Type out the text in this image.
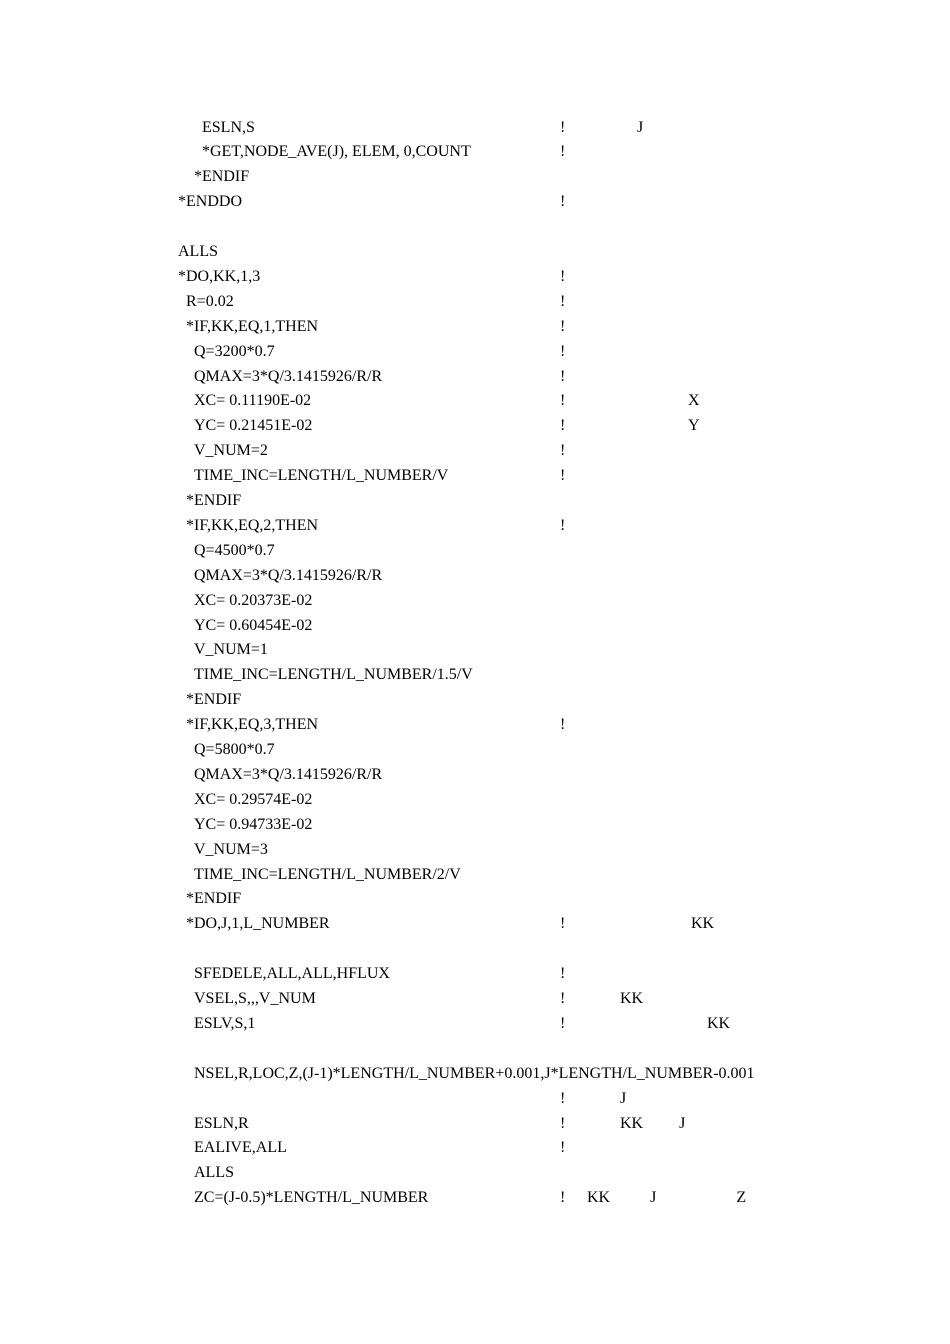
ESLN,S	!	J
*GET,NODE_AVE(J), ELEM, 0,COUNT	!
*ENDIF
*ENDDO	!
ALLS
*DO,KK,1,3	!
R=0.02	!
*IF,KK,EQ,1,THEN	!
Q=3200*0.7	!
QMAX=3*Q/3.1415926/R/R	!
XC= 0.11190E-02	!	X
YC= 0.21451E-02	!	Y
V_NUM=2	!
TIME_INC=LENGTH/L_NUMBER/V	!
*ENDIF
*IF,KK,EQ,2,THEN	!
Q=4500*0.7
QMAX=3*Q/3.1415926/R/R
XC= 0.20373E-02
YC= 0.60454E-02
V_NUM=1
TIME_INC=LENGTH/L_NUMBER/1.5/V
*ENDIF
*IF,KK,EQ,3,THEN	!
Q=5800*0.7
QMAX=3*Q/3.1415926/R/R
XC= 0.29574E-02
YC= 0.94733E-02
V_NUM=3
TIME_INC=LENGTH/L_NUMBER/2/V
*ENDIF
*DO,J,1,L_NUMBER	!	KK
SFEDELE,ALL,ALL,HFLUX	!
VSEL,S,,,V_NUM	!	KK
ESLV,S,1	!	KK
NSEL,R,LOC,Z,(J-1)*LENGTH/L_NUMBER+0.001,J*LENGTH/L_NUMBER-0.001
!	J
ESLN,R	!	KK         J
EALIVE,ALL	!
ALLS
ZC=(J-0.5)*LENGTH/L_NUMBER	! KK          J                    Z
